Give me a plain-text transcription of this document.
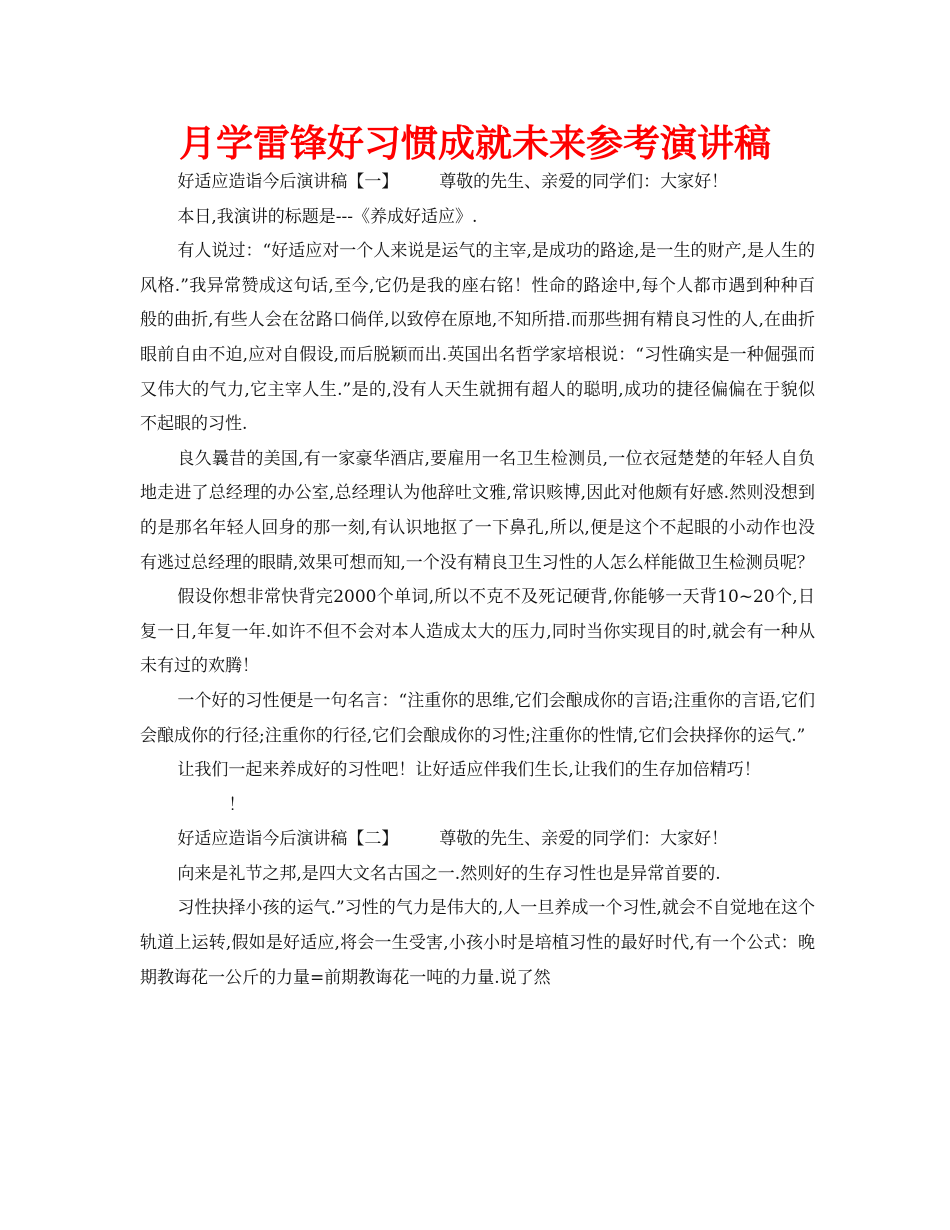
月学雷锋好习惯成就未来参考演讲稿

好适应造诣今后演讲稿【一】 尊敬的先生、亲爱的同学们：大家好！

本日,我演讲的标题是---《养成好适应》.

有人说过：“好适应对一个人来说是运气的主宰,是成功的路途,是一生的财产,是人生的风格.”我异常赞成这句话,至今,它仍是我的座右铭！性命的路途中,每个人都市遇到种种百般的曲折,有些人会在岔路口倘佯,以致停在原地,不知所措.而那些拥有精良习性的人,在曲折眼前自由不迫,应对自假设,而后脱颖而出.英国出名哲学家培根说：“习性确实是一种倔强而又伟大的气力,它主宰人生.”是的,没有人天生就拥有超人的聪明,成功的捷径偏偏在于貌似不起眼的习性.

良久曩昔的美国,有一家豪华酒店,要雇用一名卫生检测员,一位衣冠楚楚的年轻人自负地走进了总经理的办公室,总经理认为他辞吐文雅,常识赅博,因此对他颇有好感.然则没想到的是那名年轻人回身的那一刻,有认识地抠了一下鼻孔,所以,便是这个不起眼的小动作也没有逃过总经理的眼睛,效果可想而知,一个没有精良卫生习性的人怎么样能做卫生检测员呢？

假设你想非常快背完2000个单词,所以不克不及死记硬背,你能够一天背10~20个,日复一日,年复一年.如许不但不会对本人造成太大的压力,同时当你实现目的时,就会有一种从未有过的欢腾！

一个好的习性便是一句名言：“注重你的思维,它们会酿成你的言语;注重你的言语,它们会酿成你的行径;注重你的行径,它们会酿成你的习性;注重你的性情,它们会抉择你的运气.”

让我们一起来养成好的习性吧！让好适应伴我们生长,让我们的生存加倍精巧！

！

好适应造诣今后演讲稿【二】 尊敬的先生、亲爱的同学们：大家好！

向来是礼节之邦,是四大文名古国之一.然则好的生存习性也是异常首要的.

习性抉择小孩的运气.”习性的气力是伟大的,人一旦养成一个习性,就会不自觉地在这个轨道上运转,假如是好适应,将会一生受害,小孩小时是培植习性的最好时代,有一个公式：晚期教诲花一公斤的力量=前期教诲花一吨的力量.说了然
